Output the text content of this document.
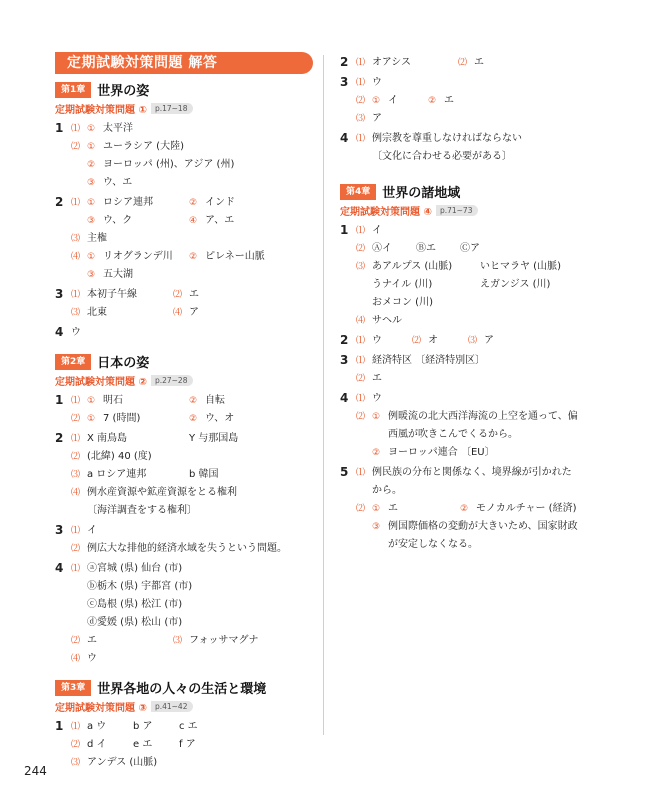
定期試験対策問題 解答
第1章 世界の姿
定期試験対策問題 ①	p.17~18
1 ⑴ ① 太平洋
⑵ ① ユーラシア (大陸)
② ヨーロッパ (州)、アジア (州)
③ ウ、エ
2 ⑴ ① ロシア連邦	② インド
③ ウ、ク	④ ア、エ
⑶ 主権
⑷ ① リオグランデ川 ② ピレネー山脈
③ 五大湖
3 ⑴ 本初子午線	⑵ エ
⑶ 北東	⑷ ア
4 ウ
第2章 日本の姿
定期試験対策問題 ②	p.27~28
1 ⑴ ① 明石	② 自転
⑵ ① 7 (時間)	② ウ、オ
2 ⑴ X 南鳥島	Y 与那国島
⑵ (北緯) 40 (度)
⑶ a ロシア連邦	b 韓国
⑷ 例水産資源や鉱産資源をとる権利
〔海洋調査をする権利〕
3 ⑴ イ
⑵ 例広大な排他的経済水域を失うという問題。
4 ⑴ ⓐ宮城 (県) 仙台 (市)
ⓑ栃木 (県) 宇都宮 (市)
ⓒ島根 (県) 松江 (市)
ⓓ愛媛 (県) 松山 (市)
⑵ エ	⑶ フォッサマグナ
⑷ ウ
第3章 世界各地の人々の生活と環境
定期試験対策問題 ③	p.41~42
1 ⑴ a ウ	b ア	c エ
⑵ d イ	e エ	f ア
⑶ アンデス (山脈)
2 ⑴ オアシス	⑵ エ
3 ⑴ ウ
⑵ ① イ	② エ
⑶ ア
4 ⑴ 例宗教を尊重しなければならない
〔文化に合わせる必要がある〕
第4章 世界の諸地域
定期試験対策問題 ④	p.71~73
1 ⑴ イ
⑵ Ⓐイ Ⓑエ Ⓒア
⑶ あアルプス (山脈)	いヒマラヤ (山脈)
うナイル (川)	えガンジス (川)
おメコン (川)
⑷ サヘル
2 ⑴ ウ	⑵ オ	⑶ ア
3 ⑴ 経済特区 〔経済特別区〕
⑵ エ
4 ⑴ ウ
⑵ ① 例暖流の北大西洋海流の上空を通って、偏
西風が吹きこんでくるから。
② ヨーロッパ連合 〔EU〕
5 ⑴ 例民族の分布と関係なく、境界線が引かれた
から。
⑵ ① エ	② モノカルチャー (経済)
③ 例国際価格の変動が大きいため、国家財政
が安定しなくなる。
244
